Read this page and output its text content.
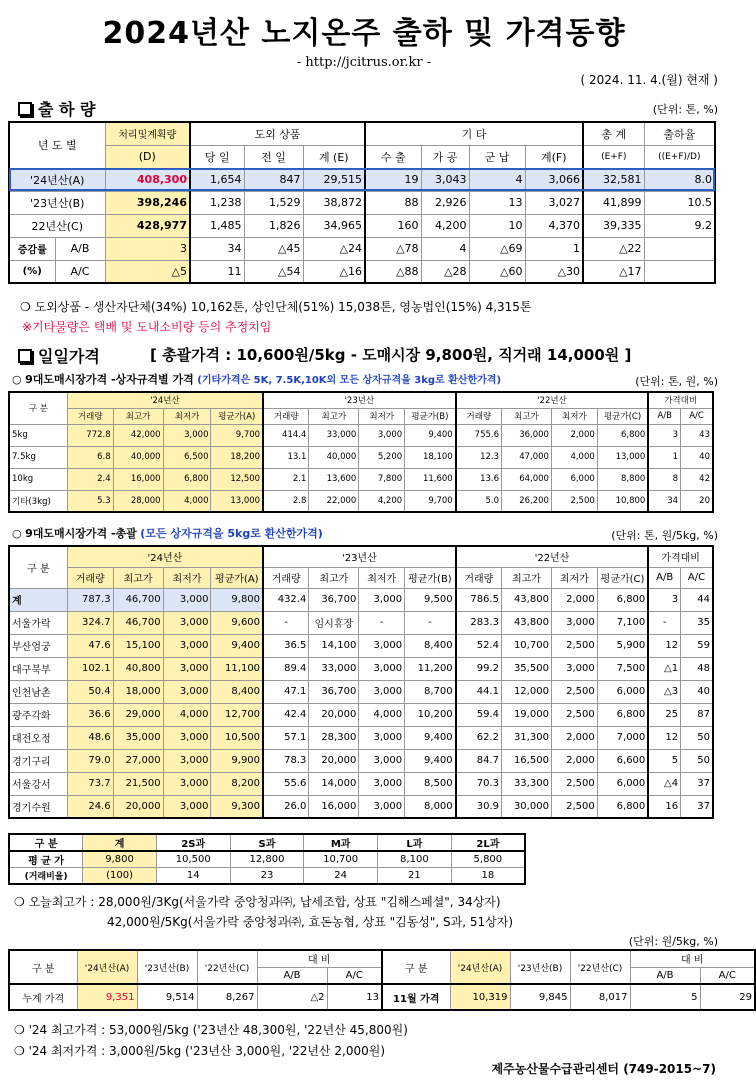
2024년산 노지온주 출하 및 가격동향
- http://jcitrus.or.kr -
( 2024. 11. 4.(월) 현재 )
출 하 량	(단위: 톤, %)
년 도 별		처리및계획량	도외 상품			기 타				총 계	출하율
		(D)	당 일	전 일	계 (E)	수 출	가 공	군 납	계(F)	(E+F)	((E+F)/D)
'24년산(A)		408,300	1,654	847	29,515	19	3,043	4	3,066	32,581	8.0
'23년산(B)		398,246	1,238	1,529	38,872	88	2,926	13	3,027	41,899	10.5
22년산(C)		428,977	1,485	1,826	34,965	160	4,200	10	4,370	39,335	9.2
증감률	A/B	3	34	△45	△24	△78	4	△69	1	△22	
(%)	A/C	△5	11	△54	△16	△88	△28	△60	△30	△17	
❍ 도외상품 - 생산자단체(34%) 10,162톤, 상인단체(51%) 15,038톤, 영농법인(15%) 4,315톤
※기타물량은 택배 및 도내소비량 등의 추정치임
일일가격	[ 총괄가격 : 10,600원/5kg - 도매시장 9,800원, 직거래 14,000원 ]
○ 9대도매시장가격 -상자규격별 가격 (기타가격은 5K, 7.5K,10K외 모든 상자규격을 3kg로 환산한가격)	(단위: 톤, 원, %)
구 분	'24년산				'23년산				'22년산				가격대비	
	거래량	최고가	최저가	평균가(A)	거래량	최고가	최저가	평균가(B)	거래량	최고가	최저가	평균가(C)	A/B	A/C
5kg	772.8	42,000	3,000	9,700	414.4	33,000	3,000	9,400	755.6	36,000	2,000	6,800	3	43
7.5kg	6.8	40,000	6,500	18,200	13.1	40,000	5,200	18,100	12.3	47,000	4,000	13,000	1	40
10kg	2.4	16,000	6,800	12,500	2.1	13,600	7,800	11,600	13.6	64,000	6,000	8,800	8	42
기타(3kg)	5.3	28,000	4,000	13,000	2.8	22,000	4,200	9,700	5.0	26,200	2,500	10,800	34	20
○ 9대도매시장가격 -총괄 (모든 상자규격을 5kg로 환산한가격)	(단위: 톤, 원/5kg, %)
구 분	'24년산				'23년산				'22년산				가격대비	
	거래량	최고가	최저가	평균가(A)	거래량	최고가	최저가	평균가(B)	거래량	최고가	최저가	평균가(C)	A/B	A/C
계	787.3	46,700	3,000	9,800	432.4	36,700	3,000	9,500	786.5	43,800	2,000	6,800	3	44
서울가락	324.7	46,700	3,000	9,600	-	임시휴장	-	-	283.3	43,800	3,000	7,100	-	35
부산엄궁	47.6	15,100	3,000	9,400	36.5	14,100	3,000	8,400	52.4	10,700	2,500	5,900	12	59
대구북부	102.1	40,800	3,000	11,100	89.4	33,000	3,000	11,200	99.2	35,500	3,000	7,500	△1	48
인천남촌	50.4	18,000	3,000	8,400	47.1	36,700	3,000	8,700	44.1	12,000	2,500	6,000	△3	40
광주각화	36.6	29,000	4,000	12,700	42.4	20,000	4,000	10,200	59.4	19,000	2,500	6,800	25	87
대전오정	48.6	35,000	3,000	10,500	57.1	28,300	3,000	9,400	62.2	31,300	2,000	7,000	12	50
경기구리	79.0	27,000	3,000	9,900	78.3	20,000	3,000	9,400	84.7	16,500	2,000	6,600	5	50
서울강서	73.7	21,500	3,000	8,200	55.6	14,000	3,000	8,500	70.3	33,300	2,500	6,000	△4	37
경기수원	24.6	20,000	3,000	9,300	26.0	16,000	3,000	8,000	30.9	30,000	2,500	6,800	16	37
구 분	계	2S과	S과	M과	L과	2L과
평 균 가	9,800	10,500	12,800	10,700	8,100	5,800
(거래비율)	(100)	14	23	24	21	18
❍ 오늘최고가 : 28,000원/3Kg(서울가락 중앙청과㈜, 납세조합, 상표 "김해스페셜", 34상자)
42,000원/5Kg(서울가락 중앙청과㈜, 효돈농협, 상표 "김동성", S과, 51상자)
(단위: 원/5kg, %)
구 분	'24년산(A)	'23년산(B)	'22년산(C)	대 비		구 분	'24년산(A)	'23년산(B)	'22년산(C)	대 비	
				A/B	A/C					A/B	A/C
누계 가격	9,351	9,514	8,267	△2	13	11월 가격	10,319	9,845	8,017	5	29
❍ '24 최고가격 : 53,000원/5kg ('23년산 48,300원, '22년산 45,800원)
❍ '24 최저가격 : 3,000원/5kg ('23년산 3,000원, '22년산 2,000원)
제주농산물수급관리센터 (749-2015~7)
